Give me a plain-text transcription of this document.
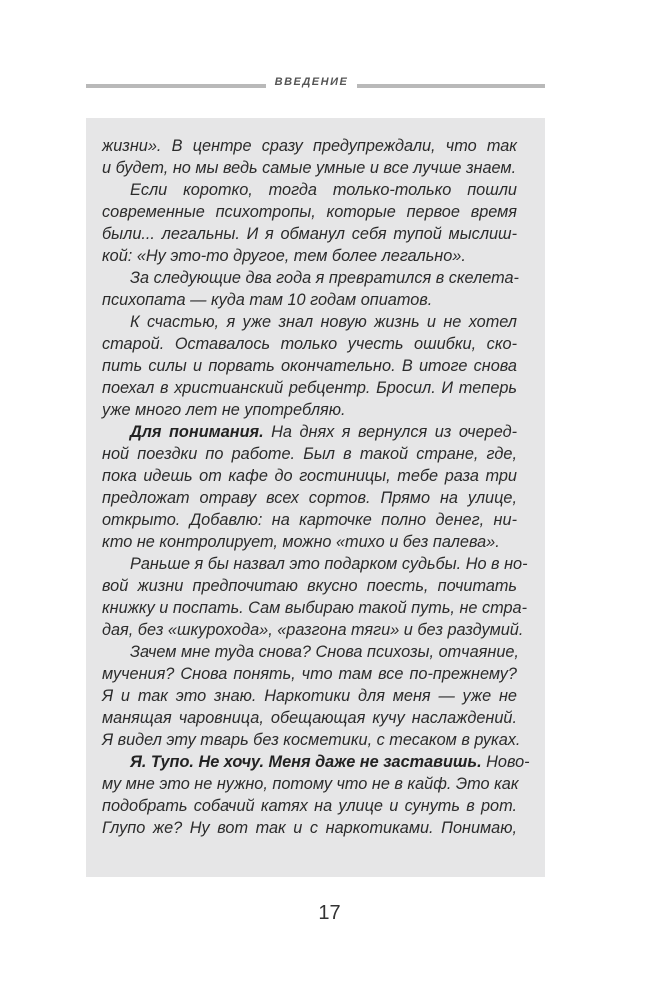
ВВЕДЕНИЕ
жизни». В центре сразу предупреждали, что так
и будет, но мы ведь самые умные и все лучше знаем.
Если коротко, тогда только-только пошли
современные психотропы, которые первое время
были... легальны. И я обманул себя тупой мыслиш-
кой: «Ну это-то другое, тем более легально».
За следующие два года я превратился в скелета-
психопата — куда там 10 годам опиатов.
К счастью, я уже знал новую жизнь и не хотел
старой. Оставалось только учесть ошибки, ско-
пить силы и порвать окончательно. В итоге снова
поехал в христианский ребцентр. Бросил. И теперь
уже много лет не употребляю.
Для понимания. На днях я вернулся из очеред-
ной поездки по работе. Был в такой стране, где,
пока идешь от кафе до гостиницы, тебе раза три
предложат отраву всех сортов. Прямо на улице,
открыто. Добавлю: на карточке полно денег, ни-
кто не контролирует, можно «тихо и без палева».
Раньше я бы назвал это подарком судьбы. Но в но-
вой жизни предпочитаю вкусно поесть, почитать
книжку и поспать. Сам выбираю такой путь, не стра-
дая, без «шкурохода», «разгона тяги» и без раздумий.
Зачем мне туда снова? Снова психозы, отчаяние,
мучения? Снова понять, что там все по-прежнему?
Я и так это знаю. Наркотики для меня — уже не
манящая чаровница, обещающая кучу наслаждений.
Я видел эту тварь без косметики, с тесаком в руках.
Я. Тупо. Не хочу. Меня даже не заставишь. Ново-
му мне это не нужно, потому что не в кайф. Это как
подобрать собачий катях на улице и сунуть в рот.
Глупо же? Ну вот так и с наркотиками. Понимаю,
17
